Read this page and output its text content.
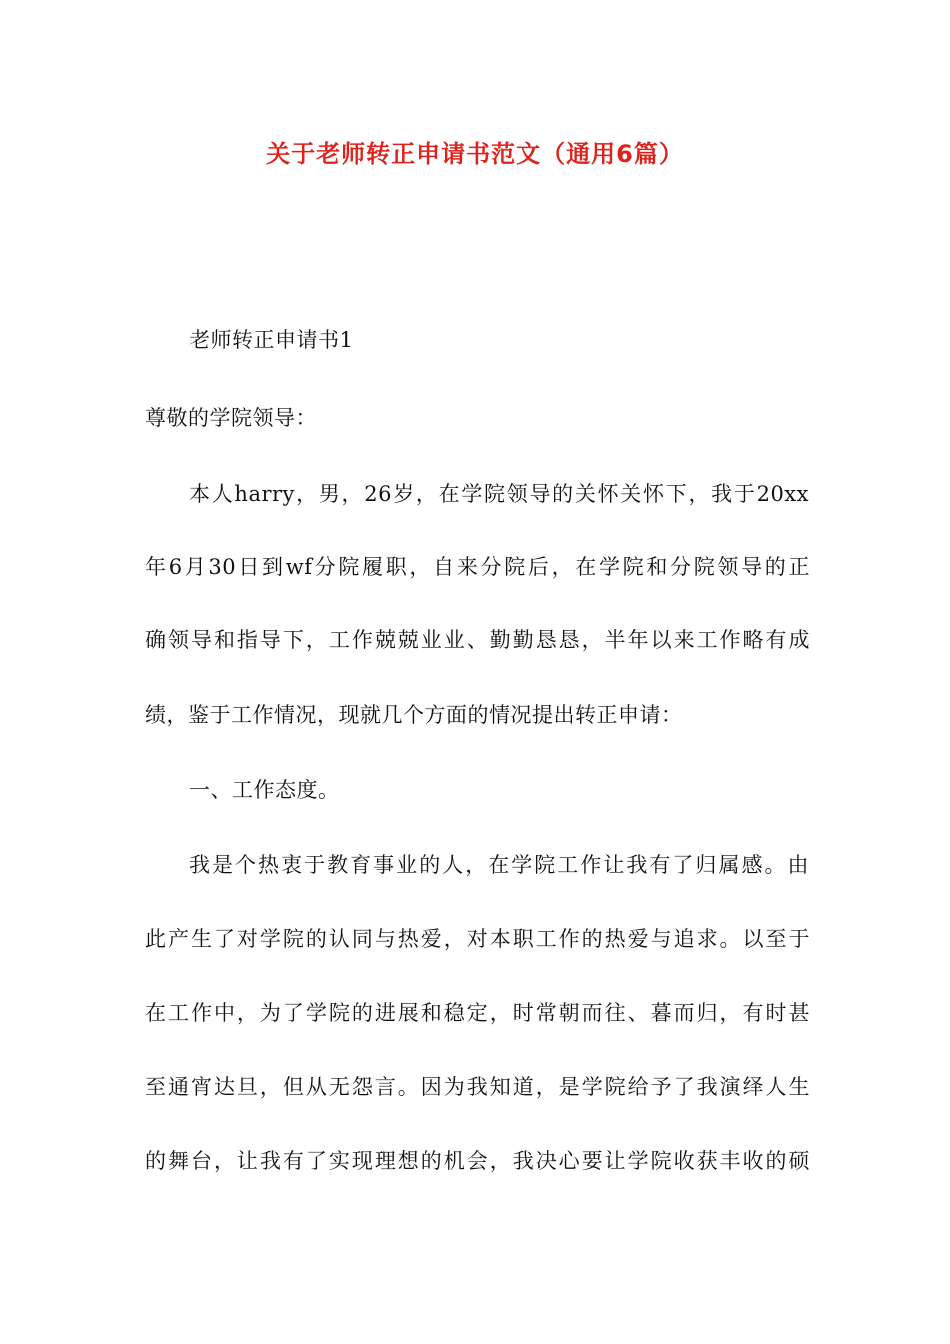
关于老师转正申请书范文（通用6篇）

老师转正申请书1

尊敬的学院领导：

本人harry，男，26岁，在学院领导的关怀关怀下，我于20xx

年6月30日到wf分院履职，自来分院后，在学院和分院领导的正

确领导和指导下，工作兢兢业业、勤勤恳恳，半年以来工作略有成

绩，鉴于工作情况，现就几个方面的情况提出转正申请：

一、工作态度。

我是个热衷于教育事业的人，在学院工作让我有了归属感。由

此产生了对学院的认同与热爱，对本职工作的热爱与追求。以至于

在工作中，为了学院的进展和稳定，时常朝而往、暮而归，有时甚

至通宵达旦，但从无怨言。因为我知道，是学院给予了我演绎人生

的舞台，让我有了实现理想的机会，我决心要让学院收获丰收的硕
